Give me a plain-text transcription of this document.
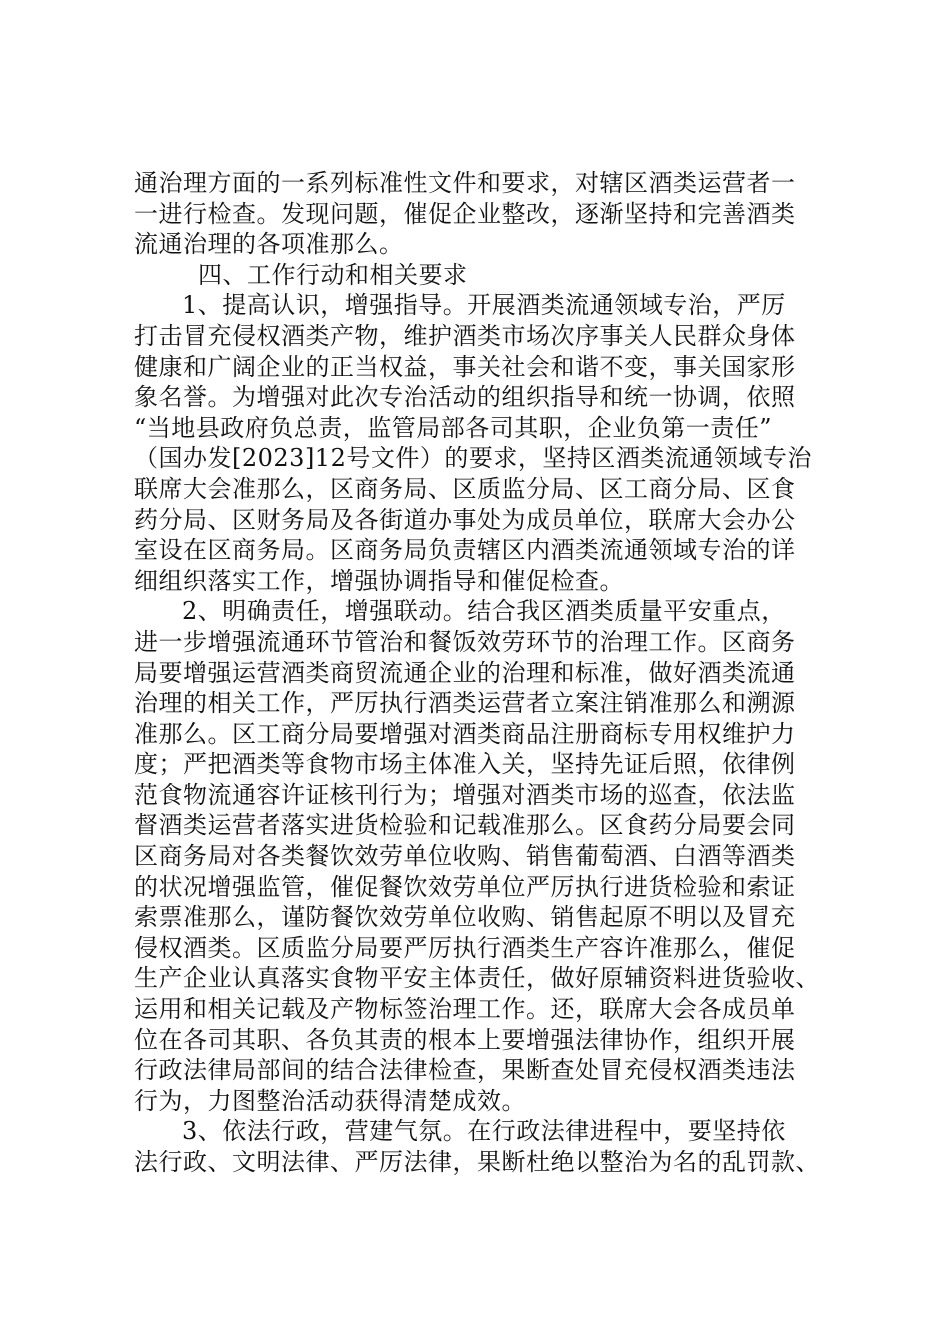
通治理方面的一系列标准性文件和要求，对辖区酒类运营者一
一进行检查。发现问题，催促企业整改，逐渐坚持和完善酒类
流通治理的各项准那么。
四、工作行动和相关要求
1、提高认识，增强指导。开展酒类流通领域专治，严厉
打击冒充侵权酒类产物，维护酒类市场次序事关人民群众身体
健康和广阔企业的正当权益，事关社会和谐不变，事关国家形
象名誉。为增强对此次专治活动的组织指导和统一协调，依照
“当地县政府负总责，监管局部各司其职，企业负第一责任”
（国办发[2023]12号文件）的要求，坚持区酒类流通领域专治
联席大会准那么，区商务局、区质监分局、区工商分局、区食
药分局、区财务局及各街道办事处为成员单位，联席大会办公
室设在区商务局。区商务局负责辖区内酒类流通领域专治的详
细组织落实工作，增强协调指导和催促检查。
2、明确责任，增强联动。结合我区酒类质量平安重点，
进一步增强流通环节管治和餐饭效劳环节的治理工作。区商务
局要增强运营酒类商贸流通企业的治理和标准，做好酒类流通
治理的相关工作，严厉执行酒类运营者立案注销准那么和溯源
准那么。区工商分局要增强对酒类商品注册商标专用权维护力
度；严把酒类等食物市场主体准入关，坚持先证后照，依律例
范食物流通容许证核刊行为；增强对酒类市场的巡查，依法监
督酒类运营者落实进货检验和记载准那么。区食药分局要会同
区商务局对各类餐饮效劳单位收购、销售葡萄酒、白酒等酒类
的状况增强监管，催促餐饮效劳单位严厉执行进货检验和索证
索票准那么，谨防餐饮效劳单位收购、销售起原不明以及冒充
侵权酒类。区质监分局要严厉执行酒类生产容许准那么，催促
生产企业认真落实食物平安主体责任，做好原辅资料进货验收、
运用和相关记载及产物标签治理工作。还，联席大会各成员单
位在各司其职、各负其责的根本上要增强法律协作，组织开展
行政法律局部间的结合法律检查，果断查处冒充侵权酒类违法
行为，力图整治活动获得清楚成效。
3、依法行政，营建气氛。在行政法律进程中，要坚持依
法行政、文明法律、严厉法律，果断杜绝以整治为名的乱罚款、
